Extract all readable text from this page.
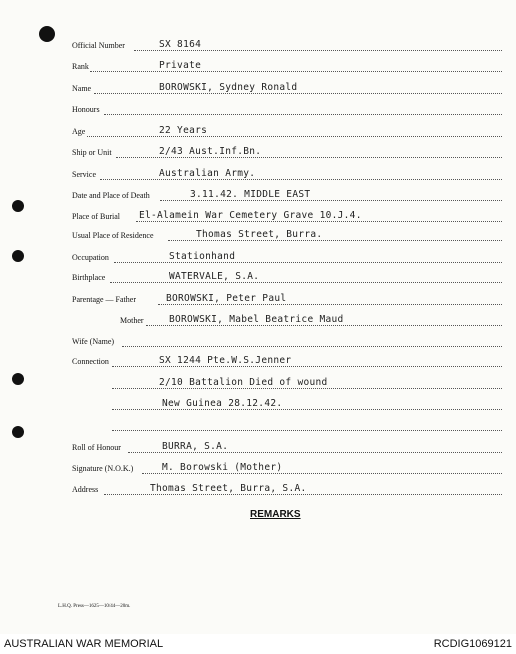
Official Number	SX 8164
Rank	Private
Name	BOROWSKI, Sydney Ronald
Honours
Age	22 Years
Ship or Unit	2/43 Aust.Inf.Bn.
Service	Australian Army.
Date and Place of Death	3.11.42. MIDDLE EAST
Place of Burial El-Alamein War Cemetery Grave 10.J.4.
Usual Place of Residence	Thomas Street, Burra.
Occupation	Stationhand
Birthplace	WATERVALE, S.A.
Parentage — Father	BOROWSKI, Peter Paul
Mother	BOROWSKI, Mabel Beatrice Maud
Wife (Name)
Connection	SX 1244 Pte.W.S.Jenner
2/10 Battalion Died of wound
New Guinea 28.12.42.
Roll of Honour	BURRA, S.A.
Signature (N.O.K.)	M. Borowski (Mother)
Address	Thomas Street, Burra, S.A.
REMARKS
L.H.Q. Press—1625—10/44—20m.
AUSTRALIAN WAR MEMORIAL	RCDIG1069121
